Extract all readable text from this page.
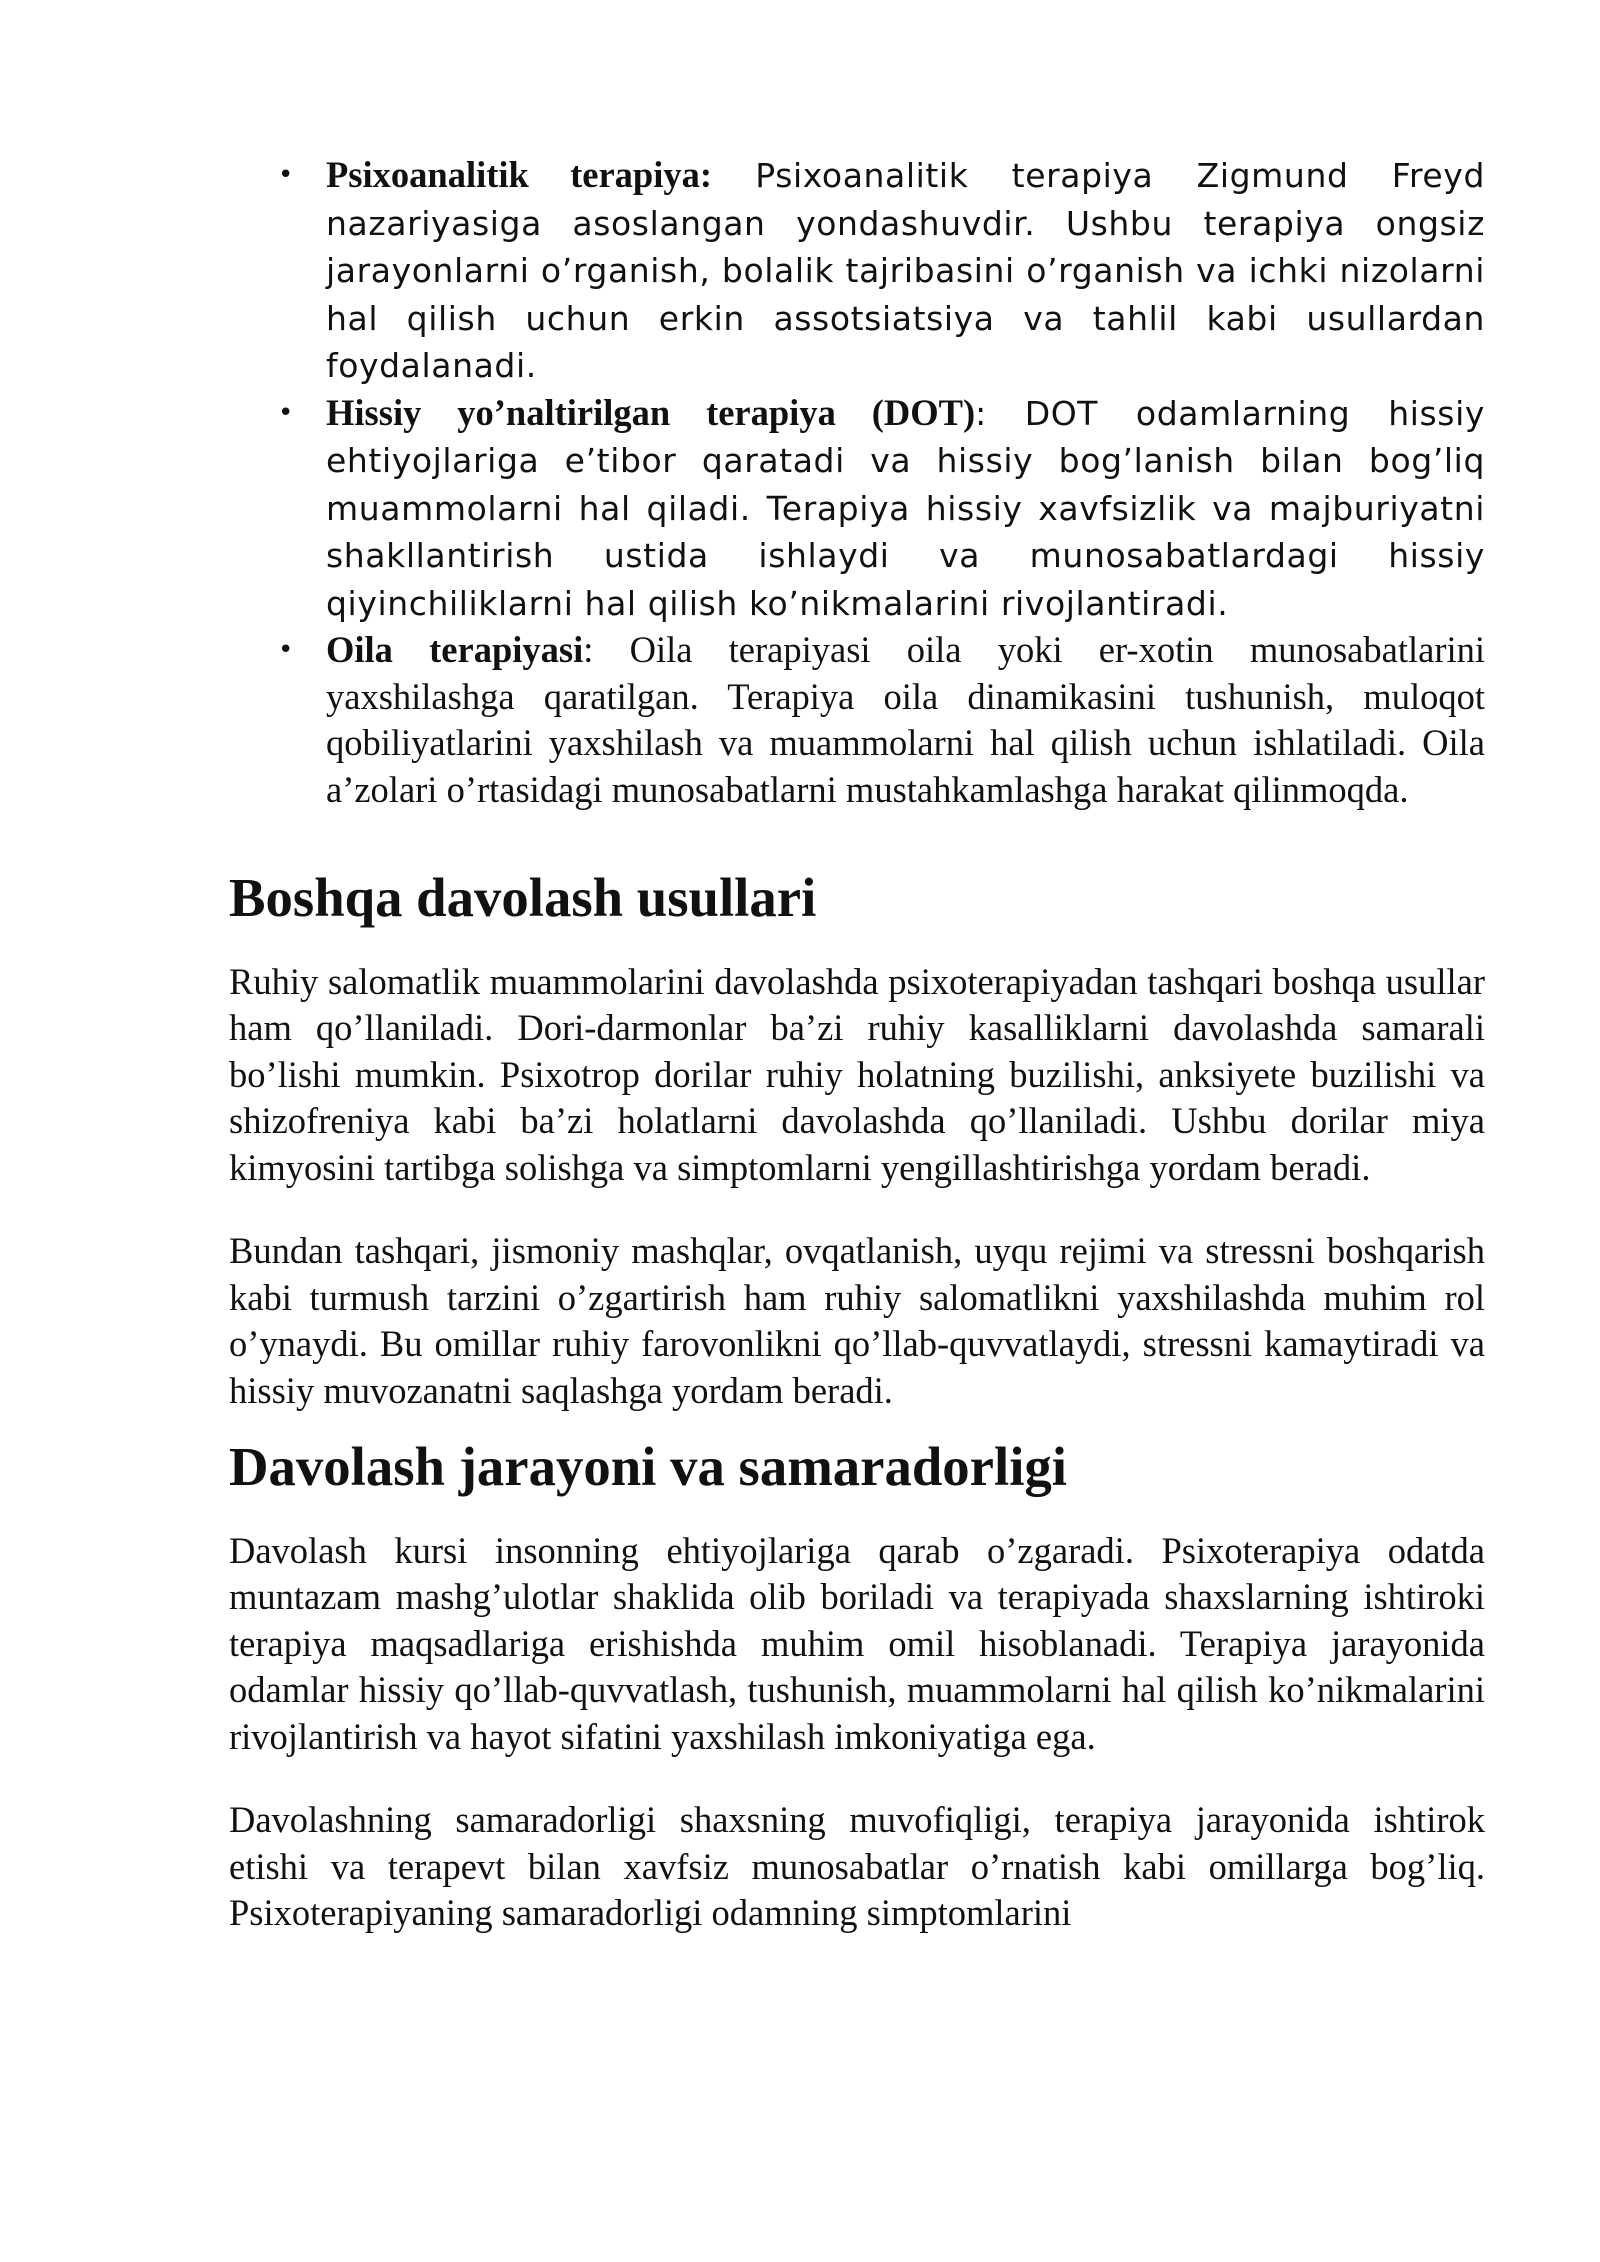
• Psixoanalitik terapiya: Psixoanalitik terapiya Zigmund Freyd nazariyasiga asoslangan yondashuvdir. Ushbu terapiya ongsiz jarayonlarni o’rganish, bolalik tajribasini o’rganish va ichki nizolarni hal qilish uchun erkin assotsiatsiya va tahlil kabi usullardan foydalanadi.
• Hissiy yo’naltirilgan terapiya (DOT): DOT odamlarning hissiy ehtiyojlariga e’tibor qaratadi va hissiy bog’lanish bilan bog’liq muammolarni hal qiladi. Terapiya hissiy xavfsizlik va majburiyatni shakllantirish ustida ishlaydi va munosabatlardagi hissiy qiyinchiliklarni hal qilish ko’nikmalarini rivojlantiradi.
• Oila terapiyasi: Oila terapiyasi oila yoki er-xotin munosabatlarini yaxshilashga qaratilgan. Terapiya oila dinamikasini tushunish, muloqot qobiliyatlarini yaxshilash va muammolarni hal qilish uchun ishlatiladi. Oila a’zolari o’rtasidagi munosabatlarni mustahkamlashga harakat qilinmoqda.
Boshqa davolash usullari

Ruhiy salomatlik muammolarini davolashda psixoterapiyadan tashqari boshqa usullar ham qo’llaniladi. Dori-darmonlar ba’zi ruhiy kasalliklarni davolashda samarali bo’lishi mumkin. Psixotrop dorilar ruhiy holatning buzilishi, anksiyete buzilishi va shizofreniya kabi ba’zi holatlarni davolashda qo’llaniladi. Ushbu dorilar miya kimyosini tartibga solishga va simptomlarni yengillashtirishga yordam beradi.

Bundan tashqari, jismoniy mashqlar, ovqatlanish, uyqu rejimi va stressni boshqarish kabi turmush tarzini o’zgartirish ham ruhiy salomatlikni yaxshilashda muhim rol o’ynaydi. Bu omillar ruhiy farovonlikni qo’llab-quvvatlaydi, stressni kamaytiradi va hissiy muvozanatni saqlashga yordam beradi.

Davolash jarayoni va samaradorligi

Davolash kursi insonning ehtiyojlariga qarab o’zgaradi. Psixoterapiya odatda muntazam mashg’ulotlar shaklida olib boriladi va terapiyada shaxslarning ishtiroki terapiya maqsadlariga erishishda muhim omil hisoblanadi. Terapiya jarayonida odamlar hissiy qo’llab-quvvatlash, tushunish, muammolarni hal qilish ko’nikmalarini rivojlantirish va hayot sifatini yaxshilash imkoniyatiga ega.

Davolashning samaradorligi shaxsning muvofiqligi, terapiya jarayonida ishtirok etishi va terapevt bilan xavfsiz munosabatlar o’rnatish kabi omillarga bog’liq. Psixoterapiyaning samaradorligi odamning simptomlarini
